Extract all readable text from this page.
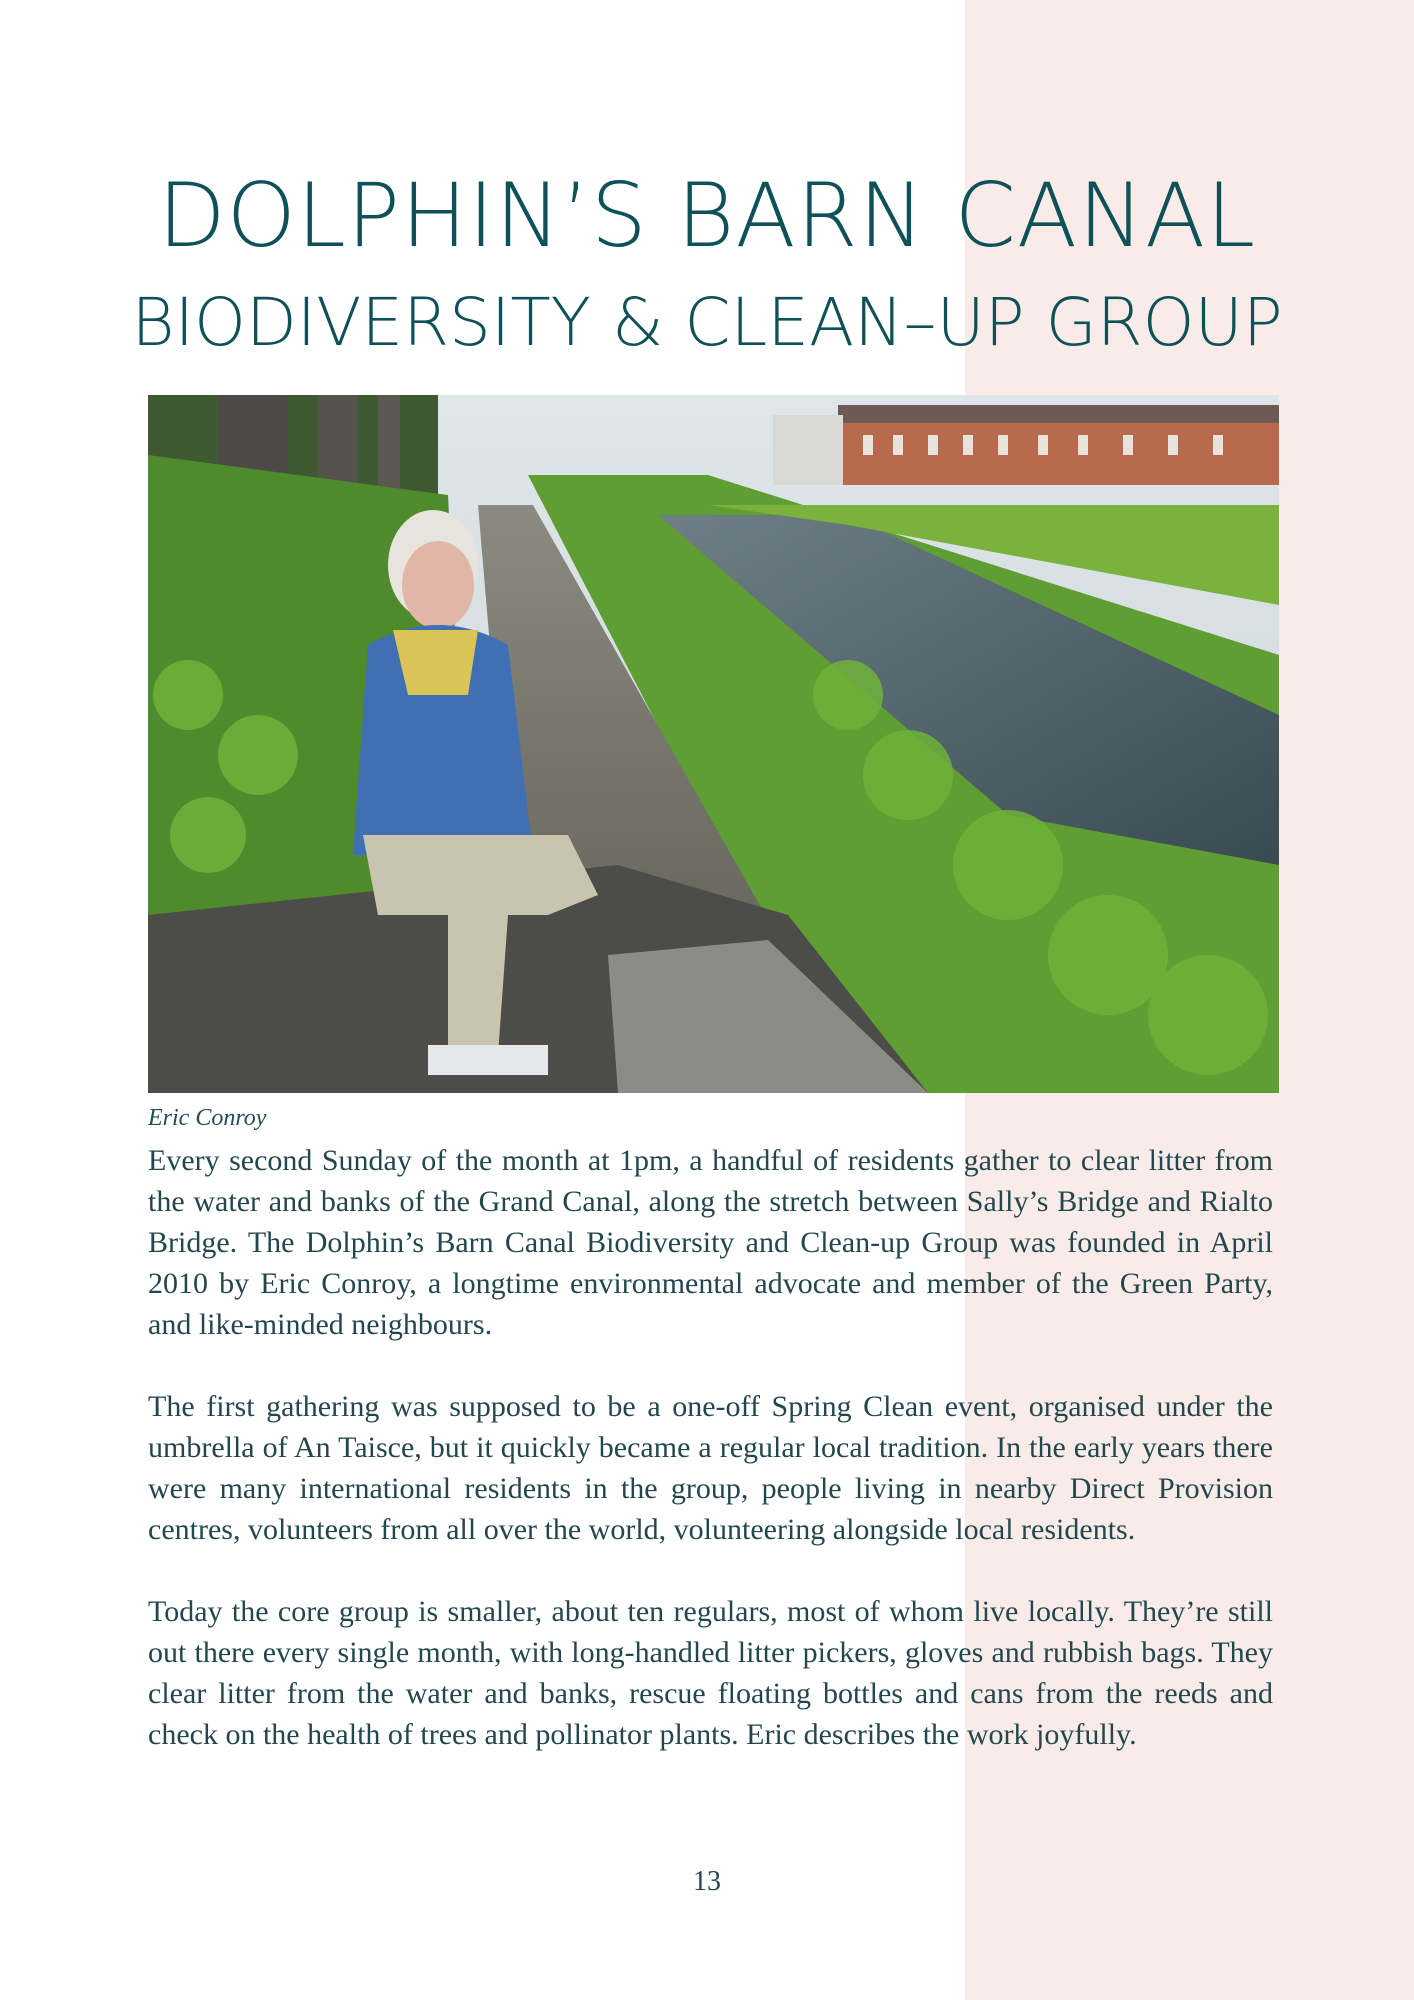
DOLPHIN’S BARN CANAL
BIODIVERSITY & CLEAN–UP GROUP
Eric Conroy

Every second Sunday of the month at 1pm, a handful of residents gather to clear litter from the water and banks of the Grand Canal, along the stretch between Sally’s Bridge and Rialto Bridge. The Dolphin’s Barn Canal Biodiversity and Clean-up Group was founded in April 2010 by Eric Conroy, a longtime environmental advocate and member of the Green Party, and like-minded neighbours.

The first gathering was supposed to be a one-off Spring Clean event, organised under the umbrella of An Taisce, but it quickly became a regular local tradition. In the early years there were many international residents in the group, people living in nearby Direct Provision centres, volunteers from all over the world, volunteering alongside local residents.

Today the core group is smaller, about ten regulars, most of whom live locally. They’re still out there every single month, with long-handled litter pickers, gloves and rubbish bags. They clear litter from the water and banks, rescue floating bottles and cans from the reeds and check on the health of trees and pollinator plants. Eric describes the work joyfully.

13
